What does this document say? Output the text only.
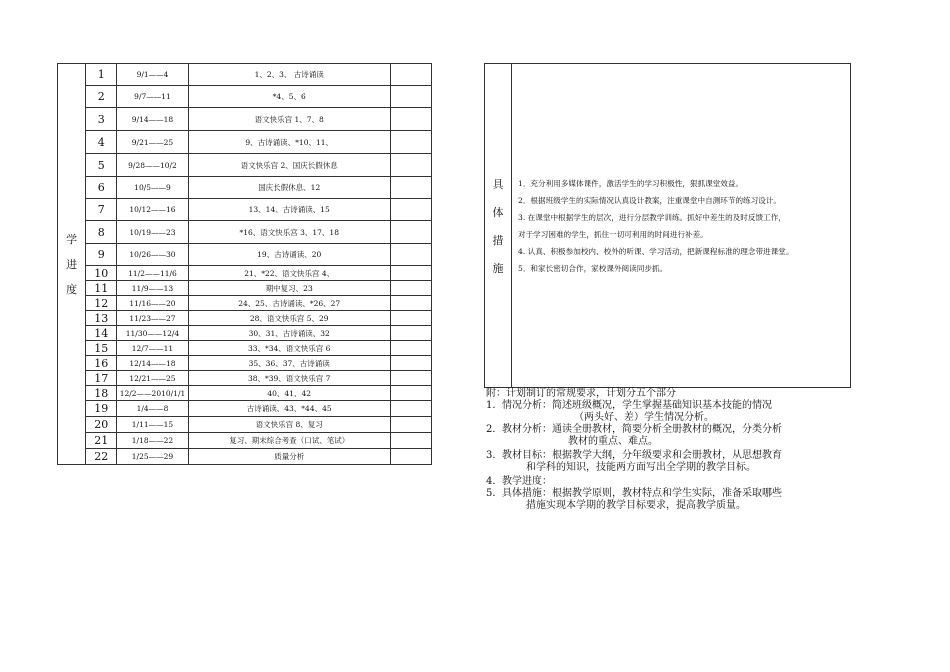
学
进
度	1	9/1——4	1、2、3、 古诗诵读	
	2	9/7——11	*4、5、6	
	3	9/14——18	语文快乐宫 1、7、8	
	4	9/21——25	9、古诗诵读、*10、11、	
	5	9/28——10/2	语文快乐宫 2、国庆长假休息	
	6	10/5——9	国庆长假休息、12	
	7	10/12——16	13、14、古诗诵读、15	
	8	10/19——23	*16、语文快乐宫 3、17、18	
	9	10/26——30	19、古诗诵读、20	
	10	11/2——11/6	21、*22、语文快乐宫 4、	
	11	11/9——13	期中复习、23	
	12	11/16——20	24、25、古诗诵读、*26、27	
	13	11/23——27	28、语文快乐宫 5、29	
	14	11/30——12/4	30、31、古诗诵读、32	
	15	12/7——11	33、*34、语文快乐宫 6	
	16	12/14——18	35、36、37、古诗诵读	
	17	12/21——25	38、*39、语文快乐宫 7	
	18	12/2——2010/1/1	40、41、42	
	19	1/4——8	古诗诵读、43、*44、45	
	20	1/11——15	语文快乐宫 8、复习	
	21	1/18——22	复习、期末综合考查（口试、笔试）	
	22	1/25——29	质量分析	
具
体
措
施

1．充分利用多媒体课件，激活学生的学习积极性，狠抓课堂效益。
2．根据班级学生的实际情况认真设计教案，注重课堂中自测环节的练习设计。
3. 在课堂中根据学生的层次，进行分层教学训练。抓好中差生的及时反馈工作，
对于学习困难的学生，抓住一切可利用的时间进行补差。
4. 认真、积极参加校内、校外的听课、学习活动，把新课程标准的理念带进课堂。
5．和家长密切合作，家校课外阅读同步抓。
附：计划制订的常规要求，计划分五个部分
1．情况分析：简述班级概况，学生掌握基础知识基本技能的情况
（两头好、差）学生情况分析。
2．教材分析：通读全册教材，简要分析全册教材的概况，分类分析
教材的重点、难点。
3．教材目标：根据教学大纲，分年级要求和会册教材，从思想教育
和学科的知识，技能两方面写出全学期的教学目标。
4．教学进度：
5．具体措施：根据教学原则，教材特点和学生实际，准备采取哪些
措施实现本学期的教学目标要求，提高教学质量。
